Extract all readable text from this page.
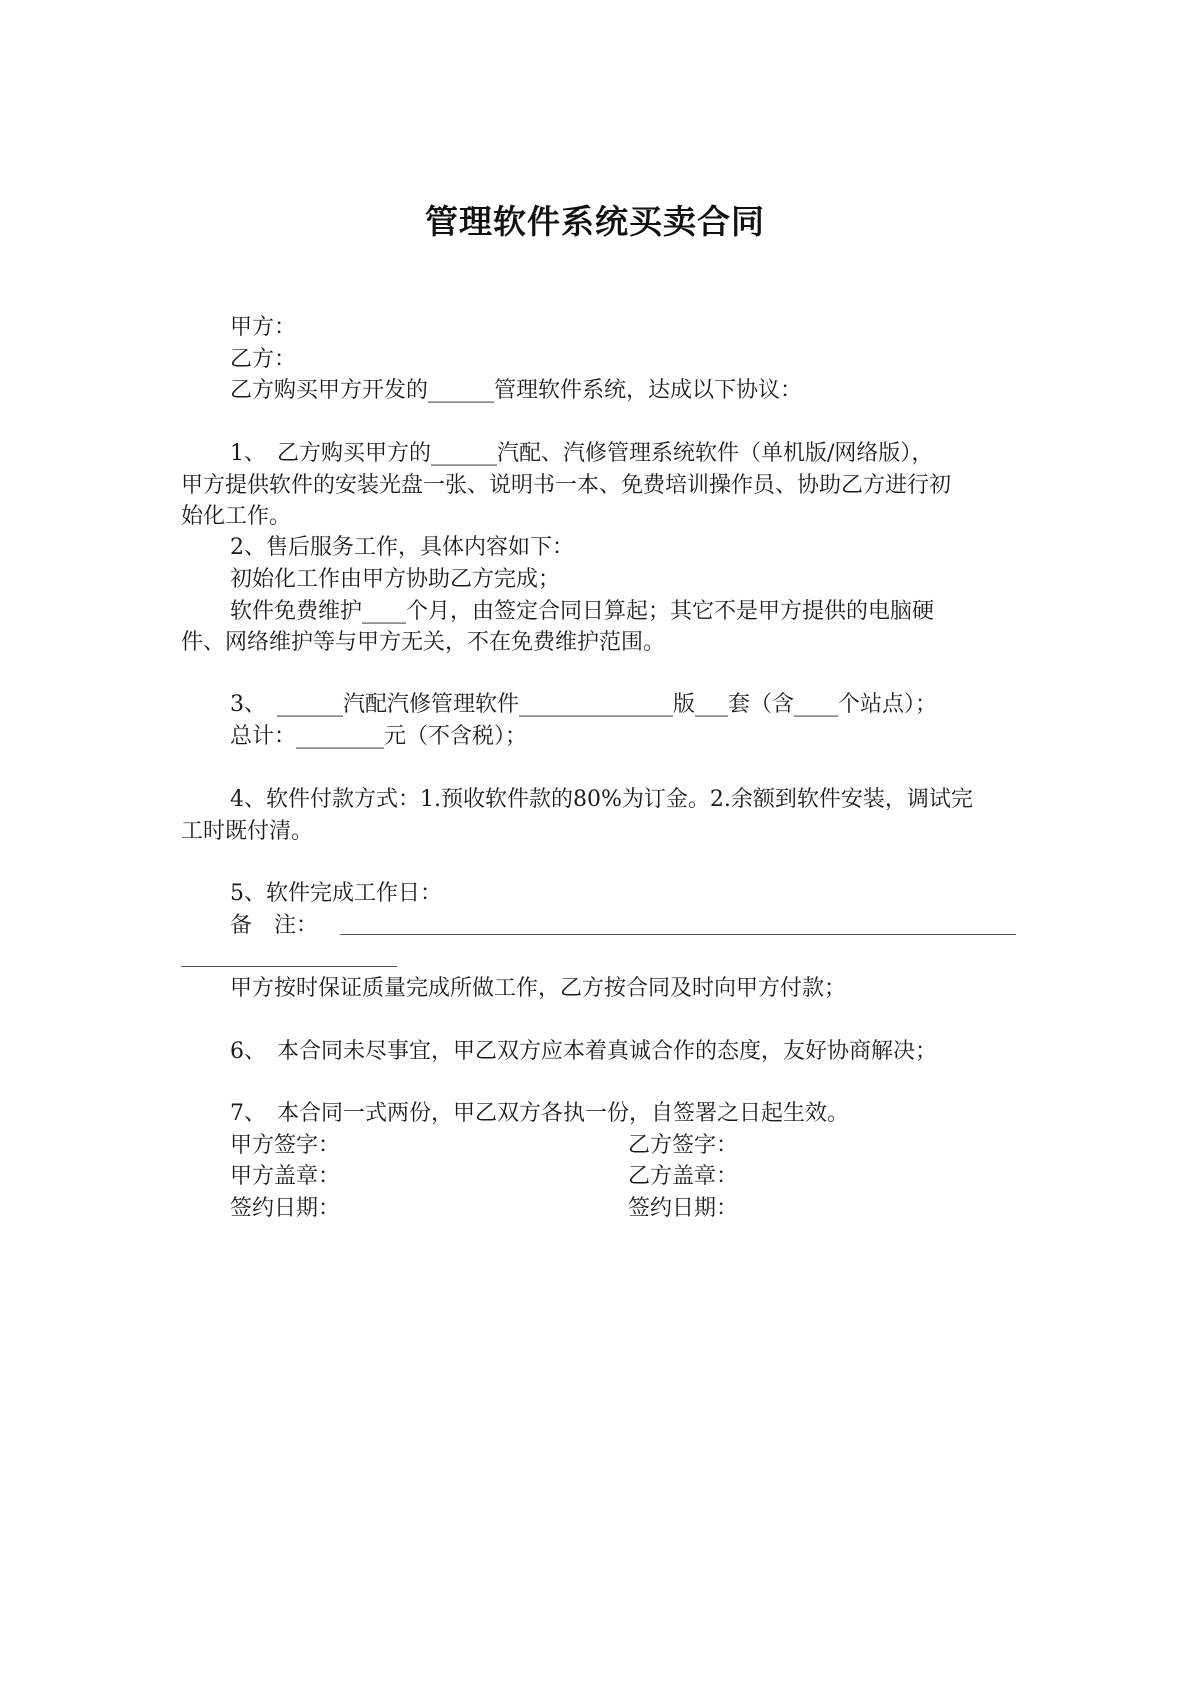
管理软件系统买卖合同
甲方：
乙方：
乙方购买甲方开发的______管理软件系统，达成以下协议：
1、　乙方购买甲方的______汽配、汽修管理系统软件（单机版/网络版），
甲方提供软件的安装光盘一张、说明书一本、免费培训操作员、协助乙方进行初
始化工作。
2、售后服务工作，具体内容如下：
初始化工作由甲方协助乙方完成；
软件免费维护____个月，由签定合同日算起；其它不是甲方提供的电脑硬
件、网络维护等与甲方无关，不在免费维护范围。
3、　______汽配汽修管理软件______________版___套（含____个站点）；
总计：________元（不含税）；
4、软件付款方式：1.预收软件款的80%为订金。2.余额到软件安装，调试完
工时既付清。
5、软件完成工作日：
备　注：
甲方按时保证质量完成所做工作，乙方按合同及时向甲方付款；
6、　本合同未尽事宜，甲乙双方应本着真诚合作的态度，友好协商解决；
7、　本合同一式两份，甲乙双方各执一份，自签署之日起生效。
甲方签字：	乙方签字：
甲方盖章：	乙方盖章：
签约日期：	签约日期：
